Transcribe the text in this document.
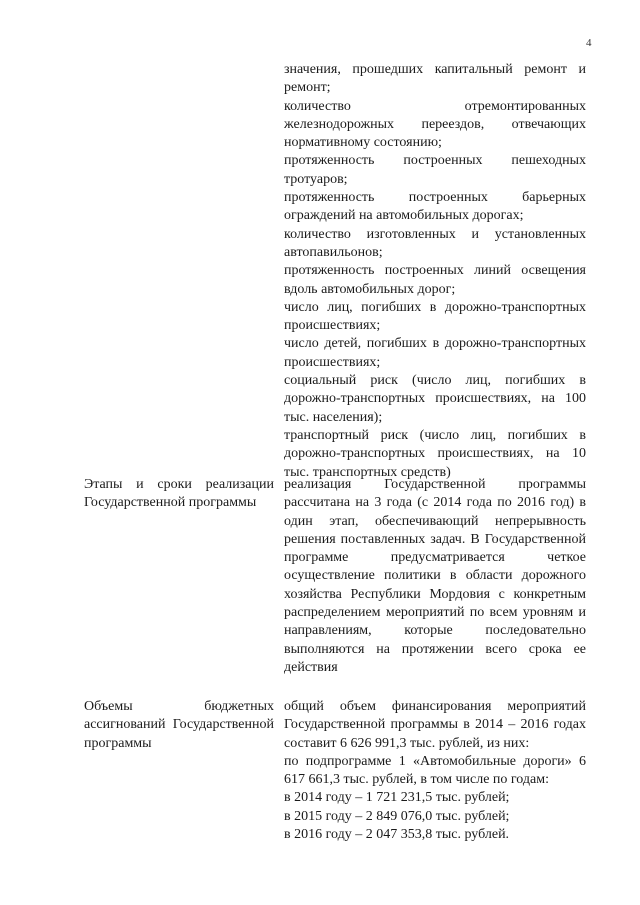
4

значения, прошедших капитальный ремонт и ремонт;

количество отремонтированных железнодорожных переездов, отвечающих нормативному состоянию;

протяженность построенных пешеходных тротуаров;

протяженность построенных барьерных ограждений на автомобильных дорогах;

количество изготовленных и установленных автопавильонов;

протяженность построенных линий освещения вдоль автомобильных дорог;

число лиц, погибших в дорожно-транспортных происшествиях;

число детей, погибших в дорожно-транспортных происшествиях;

социальный риск (число лиц, погибших в дорожно-транспортных происшествиях, на 100 тыс. населения);

транспортный риск (число лиц, погибших в дорожно-транспортных происшествиях, на 10 тыс. транспортных средств)

Этапы и сроки реализации Государственной программы

реализация Государственной программы рассчитана на 3 года (с 2014 года по 2016 год) в один этап, обеспечивающий непрерывность решения поставленных задач. В Государственной программе предусматривается четкое осуществление политики в области дорожного хозяйства Республики Мордовия с конкретным распределением мероприятий по всем уровням и направлениям, которые последовательно выполняются на протяжении всего срока ее действия

Объемы бюджетных ассигнований Государственной программы

общий объем финансирования мероприятий Государственной программы в 2014 – 2016 годах составит 6 626 991,3 тыс. рублей, из них:

по подпрограмме 1 «Автомобильные дороги» 6 617 661,3 тыс. рублей, в том числе по годам:

в 2014 году – 1 721 231,5 тыс. рублей;

в 2015 году – 2 849 076,0 тыс. рублей;

в 2016 году – 2 047 353,8 тыс. рублей.
